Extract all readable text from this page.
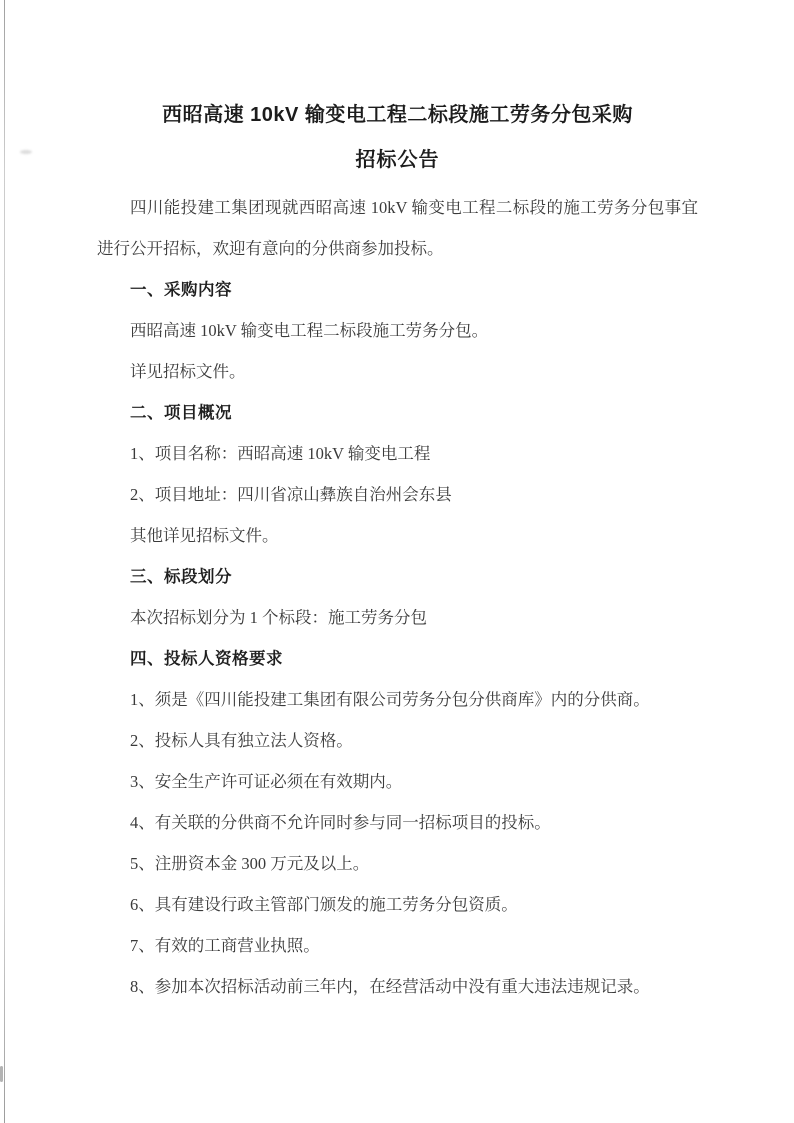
西昭高速 10kV 输变电工程二标段施工劳务分包采购
招标公告

四川能投建工集团现就西昭高速 10kV 输变电工程二标段的施工劳务分包事宜进行公开招标，欢迎有意向的分供商参加投标。

一、采购内容

西昭高速 10kV 输变电工程二标段施工劳务分包。

详见招标文件。

二、项目概况

1、项目名称：西昭高速 10kV 输变电工程

2、项目地址：四川省凉山彝族自治州会东县

其他详见招标文件。

三、标段划分

本次招标划分为 1 个标段：施工劳务分包

四、投标人资格要求

1、须是《四川能投建工集团有限公司劳务分包分供商库》内的分供商。

2、投标人具有独立法人资格。

3、安全生产许可证必须在有效期内。

4、有关联的分供商不允许同时参与同一招标项目的投标。

5、注册资本金 300 万元及以上。

6、具有建设行政主管部门颁发的施工劳务分包资质。

7、有效的工商营业执照。

8、参加本次招标活动前三年内，在经营活动中没有重大违法违规记录。
